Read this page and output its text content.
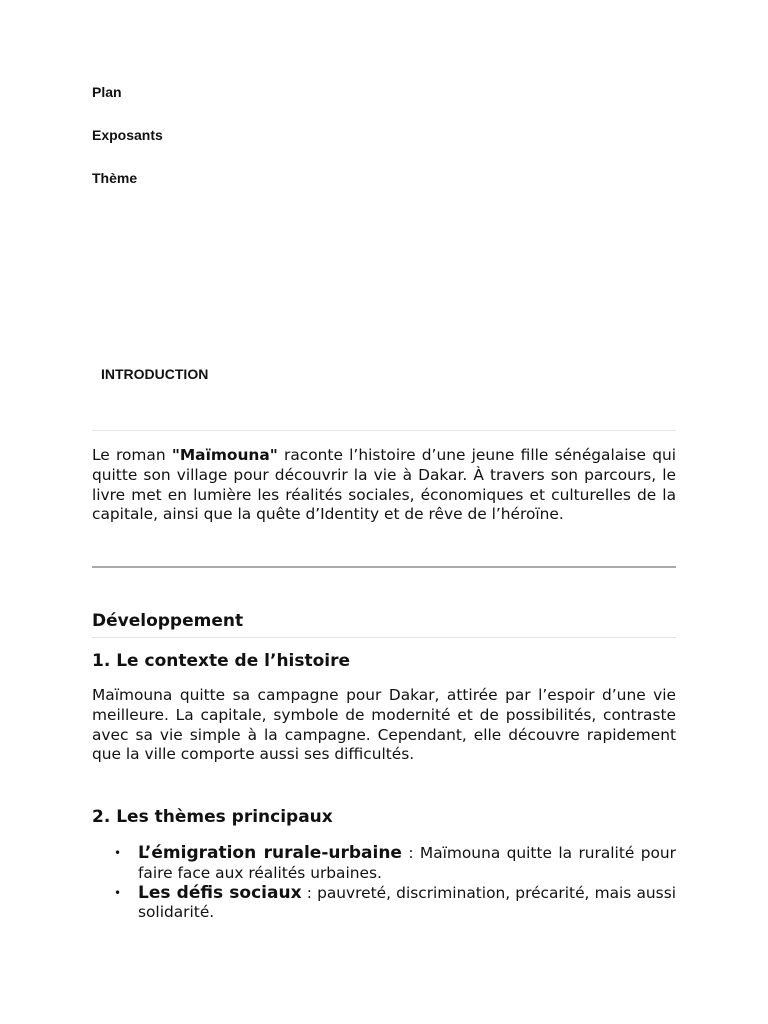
Plan
Exposants
Thème
INTRODUCTION

Le roman "Maïmouna" raconte l’histoire d’une jeune fille sénégalaise qui quitte son village pour découvrir la vie à Dakar. À travers son parcours, le livre met en lumière les réalités sociales, économiques et culturelles de la capitale, ainsi que la quête d’Identity et de rêve de l’héroïne.

Développement
1. Le contexte de l’histoire

Maïmouna quitte sa campagne pour Dakar, attirée par l’espoir d’une vie meilleure. La capitale, symbole de modernité et de possibilités, contraste avec sa vie simple à la campagne. Cependant, elle découvre rapidement que la ville comporte aussi ses difficultés.

2. Les thèmes principaux
• L’émigration rurale-urbaine : Maïmouna quitte la ruralité pour faire face aux réalités urbaines.
• Les défis sociaux : pauvreté, discrimination, précarité, mais aussi solidarité.
